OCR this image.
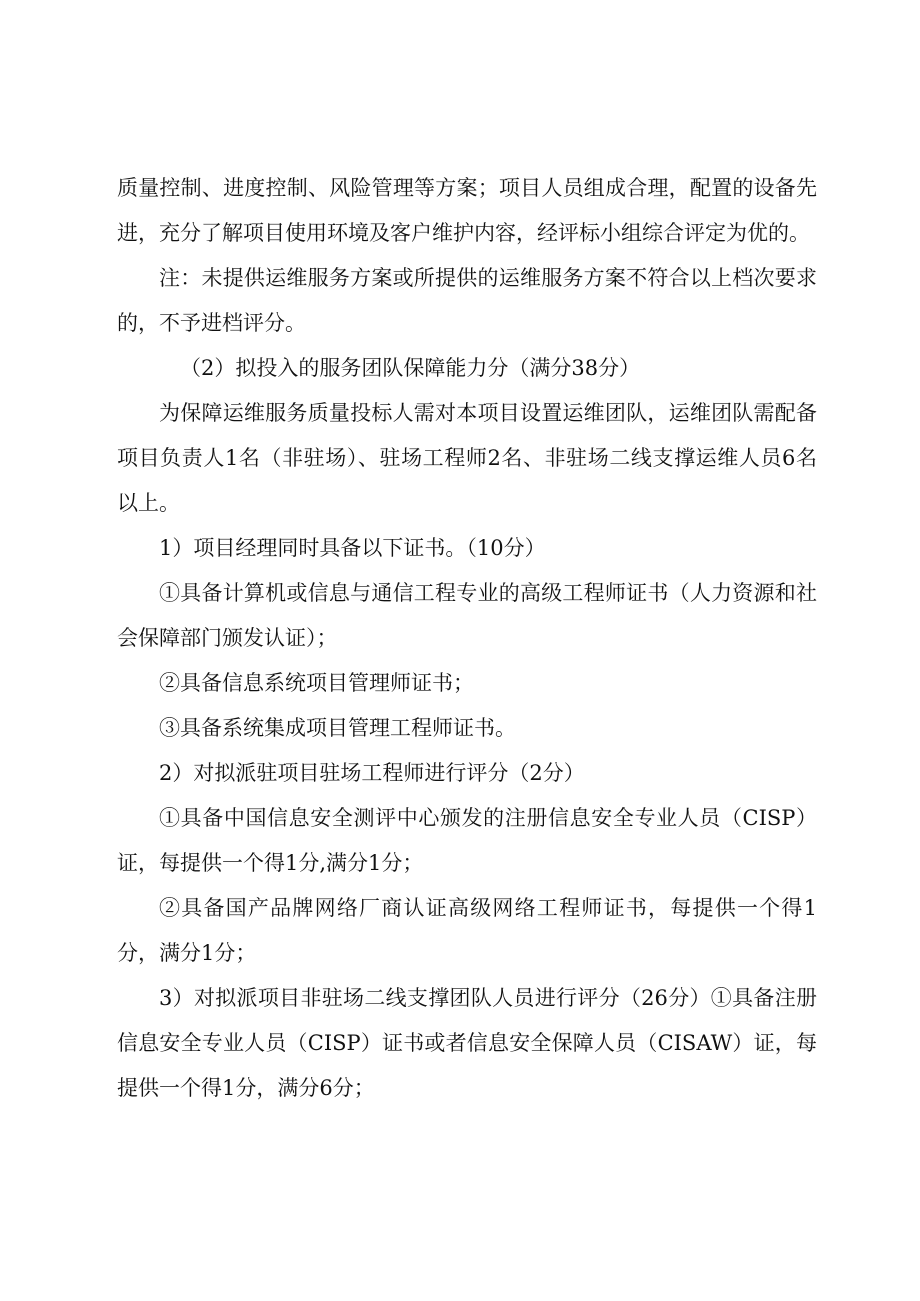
质量控制、进度控制、风险管理等方案；项目人员组成合理，配置的设备先进，充分了解项目使用环境及客户维护内容，经评标小组综合评定为优的。

注：未提供运维服务方案或所提供的运维服务方案不符合以上档次要求的，不予进档评分。

（2）拟投入的服务团队保障能力分（满分38分）

为保障运维服务质量投标人需对本项目设置运维团队，运维团队需配备项目负责人1名（非驻场）、驻场工程师2名、非驻场二线支撑运维人员6名以上。

1）项目经理同时具备以下证书。（10分）

①具备计算机或信息与通信工程专业的高级工程师证书（人力资源和社会保障部门颁发认证）；

②具备信息系统项目管理师证书；

③具备系统集成项目管理工程师证书。

2）对拟派驻项目驻场工程师进行评分（2分）

①具备中国信息安全测评中心颁发的注册信息安全专业人员（CISP）证，每提供一个得1分,满分1分；

②具备国产品牌网络厂商认证高级网络工程师证书，每提供一个得1分，满分1分；

3）对拟派项目非驻场二线支撑团队人员进行评分（26分）①具备注册信息安全专业人员（CISP）证书或者信息安全保障人员（CISAW）证，每提供一个得1分，满分6分；
